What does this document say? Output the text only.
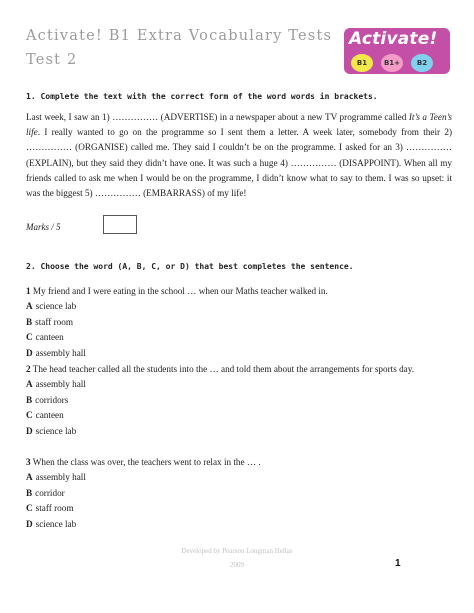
Activate! B1 Extra Vocabulary Tests
Test 2
Activate!
B1 B1+ B2
1. Complete the text with the correct form of the word words in brackets.
Last week, I saw an 1) …………… (ADVERTISE) in a newspaper about a new TV programme called It’s a Teen’s life. I really wanted to go on the programme so I sent them a letter. A week later, somebody from their 2) …………… (ORGANISE) called me. They said I couldn’t be on the programme. I asked for an 3) …………… (EXPLAIN), but they said they didn’t have one. It was such a huge 4) …………… (DISAPPOINT). When all my friends called to ask me when I would be on the programme, I didn’t know what to say to them. I was so upset: it was the biggest 5) …………… (EMBARRASS) of my life!
Marks / 5
2. Choose the word (A, B, C, or D) that best completes the sentence.
1 My friend and I were eating in the school … when our Maths teacher walked in.
A science lab
B staff room
C canteen
D assembly hall
2 The head teacher called all the students into the … and told them about the arrangements for sports day.
A assembly hall
B corridors
C canteen
D science lab
3 When the class was over, the teachers went to relax in the … .
A assembly hall
B corridor
C staff room
D science lab
Developed by Pearson Longman Hellas
2009	1
